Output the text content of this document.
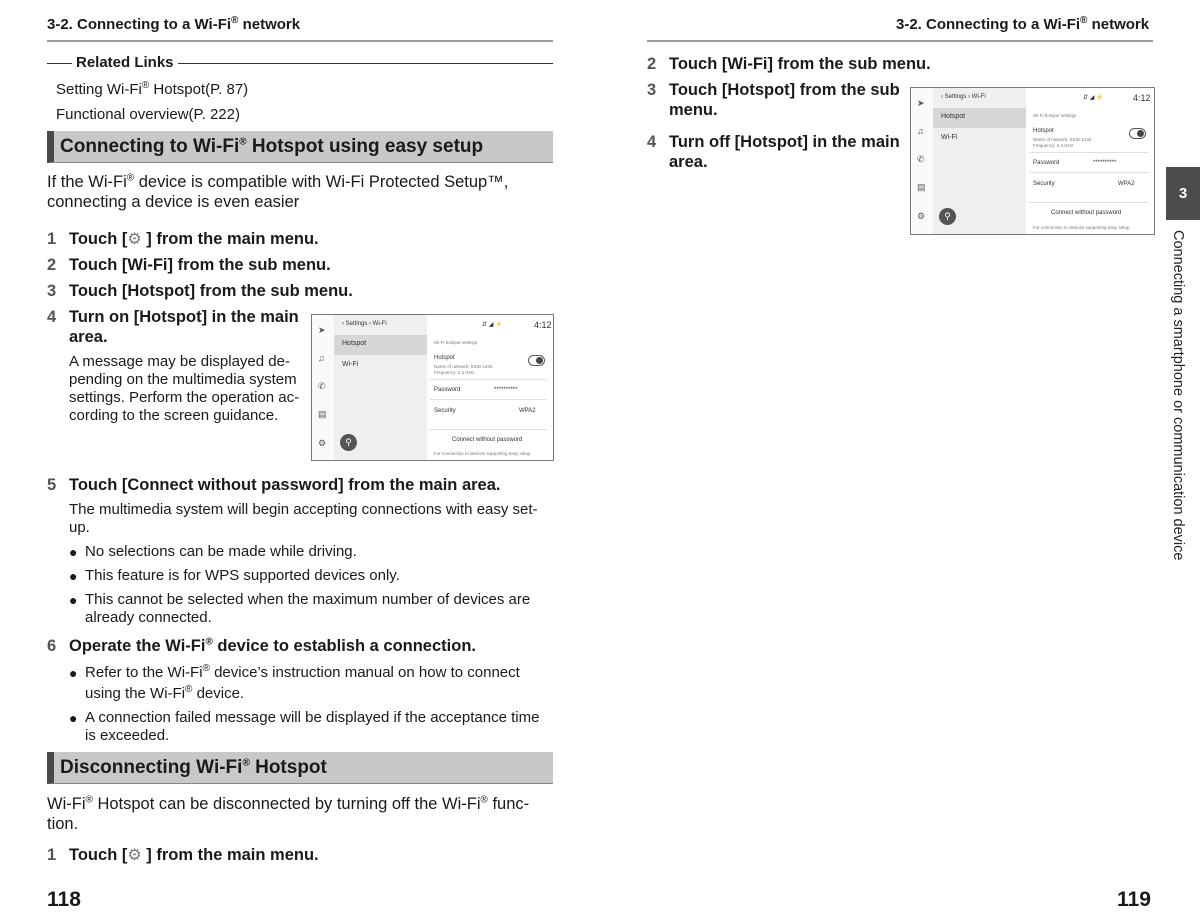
3-2. Connecting to a Wi-Fi® network
Related Links
Setting Wi-Fi® Hotspot(P. 87)
Functional overview(P. 222)
Connecting to Wi-Fi® Hotspot using easy setup
If the Wi-Fi® device is compatible with Wi-Fi Protected Setup™, connecting a device is even easier
1 Touch [⚙ ] from the main menu.
2 Touch [Wi-Fi] from the sub menu.
3 Touch [Hotspot] from the sub menu.
4 Turn on [Hotspot] in the main
area.
A message may be displayed de-
pending on the multimedia system
settings. Perform the operation ac-
cording to the screen guidance.
➤
♫
✆
▤
⚙
‹ Settings › Wi-Fi
Hotspot
Wi-Fi
⚲
⇵ ◢ ⚡	4:12
Wi-Fi hotspot settings
Hotspot
Name of network: SSID-1234
Frequency: 2.4 GHz
Password	**********
Security	WPA2
Connect without password
For connection to devices supporting easy setup
5 Touch [Connect without password] from the main area.
The multimedia system will begin accepting connections with easy set-
up.
● No selections can be made while driving.
● This feature is for WPS supported devices only.
● This cannot be selected when the maximum number of devices are
already connected.
6 Operate the Wi-Fi® device to establish a connection.
● Refer to the Wi-Fi® device’s instruction manual on how to connect
using the Wi-Fi® device.
● A connection failed message will be displayed if the acceptance time
is exceeded.
Disconnecting Wi-Fi® Hotspot
Wi-Fi® Hotspot can be disconnected by turning off the Wi-Fi® func-
tion.
1 Touch [⚙ ] from the main menu.
118
3-2. Connecting to a Wi-Fi® network
2 Touch [Wi-Fi] from the sub menu.
3 Touch [Hotspot] from the sub
menu.
4 Turn off [Hotspot] in the main
area.
➤
♫
✆
▤
⚙
‹ Settings › Wi-Fi
Hotspot
Wi-Fi
⚲
⇵ ◢ ⚡	4:12
Wi-Fi hotspot settings
Hotspot
Name of network: SSID-1234
Frequency: 2.4 GHz
Password	**********
Security	WPA2
Connect without password
For connection to devices supporting easy setup
3
Connecting a smartphone or communication device
119
